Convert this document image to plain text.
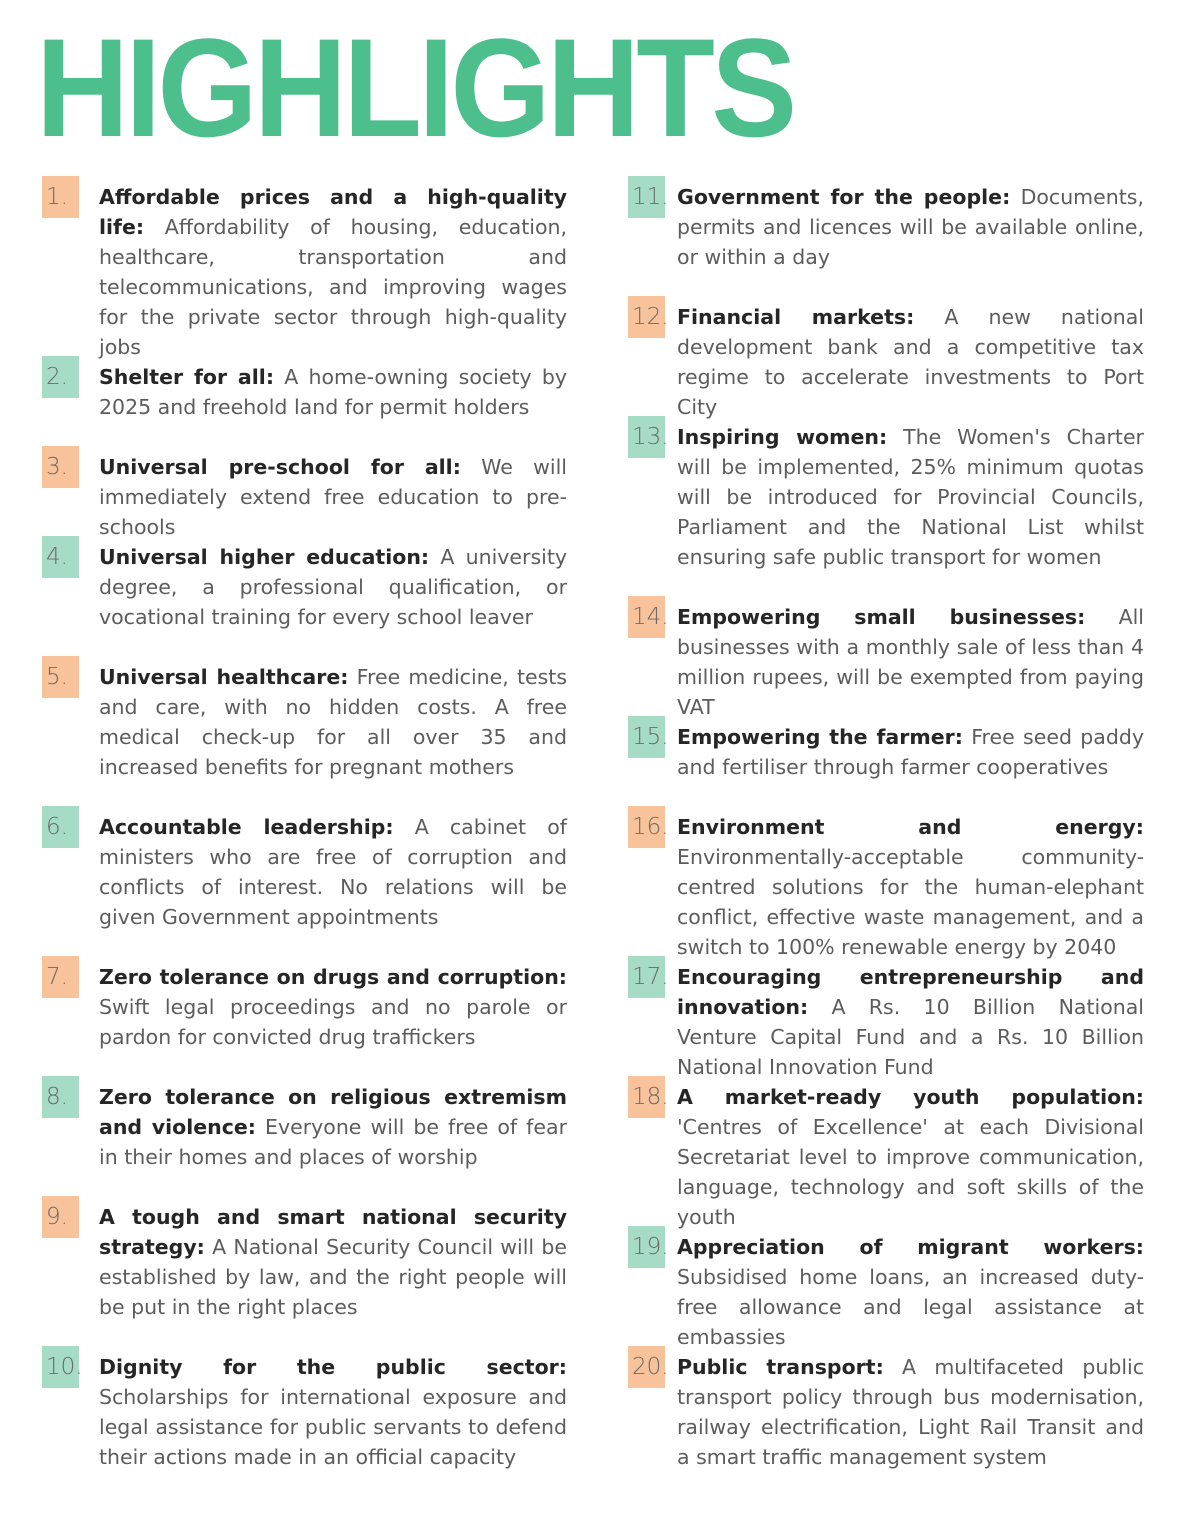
HIGHLIGHTS
1.	Affordable prices and a high-quality life: Affordability of housing, education, healthcare, transportation and telecommunications, and improving wages for the private sector through high-quality jobs
2.	Shelter for all: A home-owning society by 2025 and freehold land for permit holders
3.	Universal pre-school for all: We will immediately extend free education to pre-schools
4.	Universal higher education: A university degree, a professional qualification, or vocational training for every school leaver
5.	Universal healthcare: Free medicine, tests and care, with no hidden costs. A free medical check-up for all over 35 and increased benefits for pregnant mothers
6.	Accountable leadership: A cabinet of ministers who are free of corruption and conflicts of interest. No relations will be given Government appointments
7.	Zero tolerance on drugs and corruption: Swift legal proceedings and no parole or pardon for convicted drug traffickers
8.	Zero tolerance on religious extremism and violence: Everyone will be free of fear in their homes and places of worship
9.	A tough and smart national security strategy: A National Security Council will be established by law, and the right people will be put in the right places
10. Dignity for the public sector: Scholarships for international exposure and legal assistance for public servants to defend their actions made in an official capacity
11. Government for the people: Documents, permits and licences will be available online, or within a day
12. Financial markets: A new national development bank and a competitive tax regime to accelerate investments to Port City
13. Inspiring women: The Women's Charter will be implemented, 25% minimum quotas will be introduced for Provincial Councils, Parliament and the National List whilst ensuring safe public transport for women
14. Empowering small businesses: All businesses with a monthly sale of less than 4 million rupees, will be exempted from paying VAT
15. Empowering the farmer: Free seed paddy and fertiliser through farmer cooperatives
16. Environment and energy: Environmentally-acceptable community-centred solutions for the human-elephant conflict, effective waste management, and a switch to 100% renewable energy by 2040
17. Encouraging entrepreneurship and innovation: A Rs. 10 Billion National Venture Capital Fund and a Rs. 10 Billion National Innovation Fund
18. A market-ready youth population: 'Centres of Excellence' at each Divisional Secretariat level to improve communication, language, technology and soft skills of the youth
19. Appreciation of migrant workers: Subsidised home loans, an increased duty-free allowance and legal assistance at embassies
20. Public transport: A multifaceted public transport policy through bus modernisation, railway electrification, Light Rail Transit and a smart traffic management system
